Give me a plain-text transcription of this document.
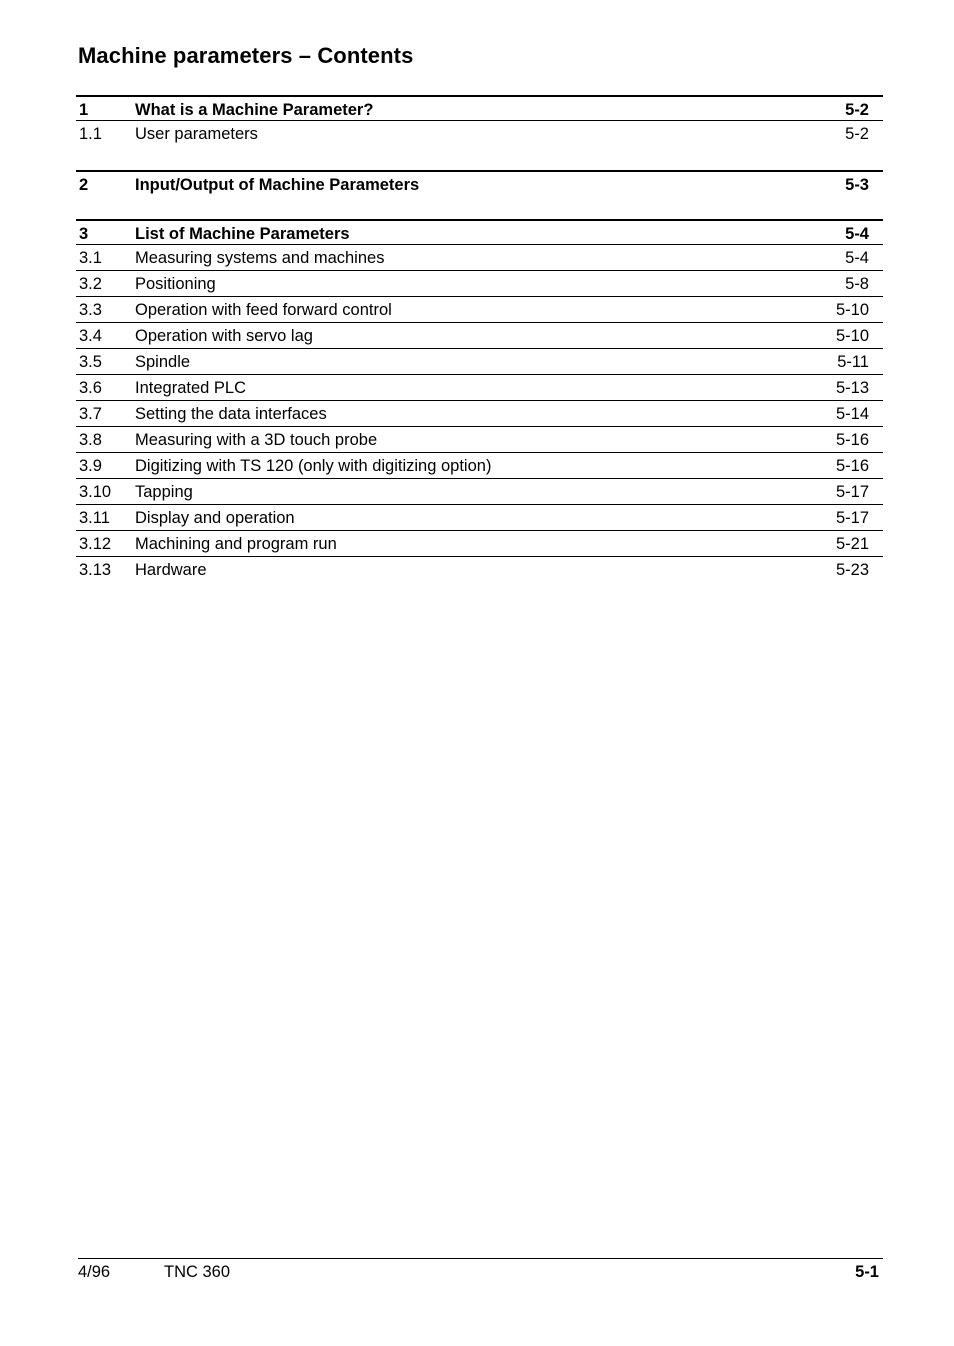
Machine parameters – Contents
1	What is a Machine Parameter?	5-2
1.1 User parameters	5-2
2	Input/Output of Machine Parameters	5-3
3	List of Machine Parameters	5-4
3.1 Measuring systems and machines	5-4
3.2 Positioning	5-8
3.3 Operation with feed forward control	5-10
3.4 Operation with servo lag	5-10
3.5 Spindle	5-11
3.6 Integrated PLC	5-13
3.7 Setting the data interfaces	5-14
3.8 Measuring with a 3D touch probe	5-16
3.9 Digitizing with TS 120 (only with digitizing option)	5-16
3.10 Tapping	5-17
3.11 Display and operation	5-17
3.12 Machining and program run	5-21
3.13 Hardware	5-23
4/96	TNC 360	5-1
